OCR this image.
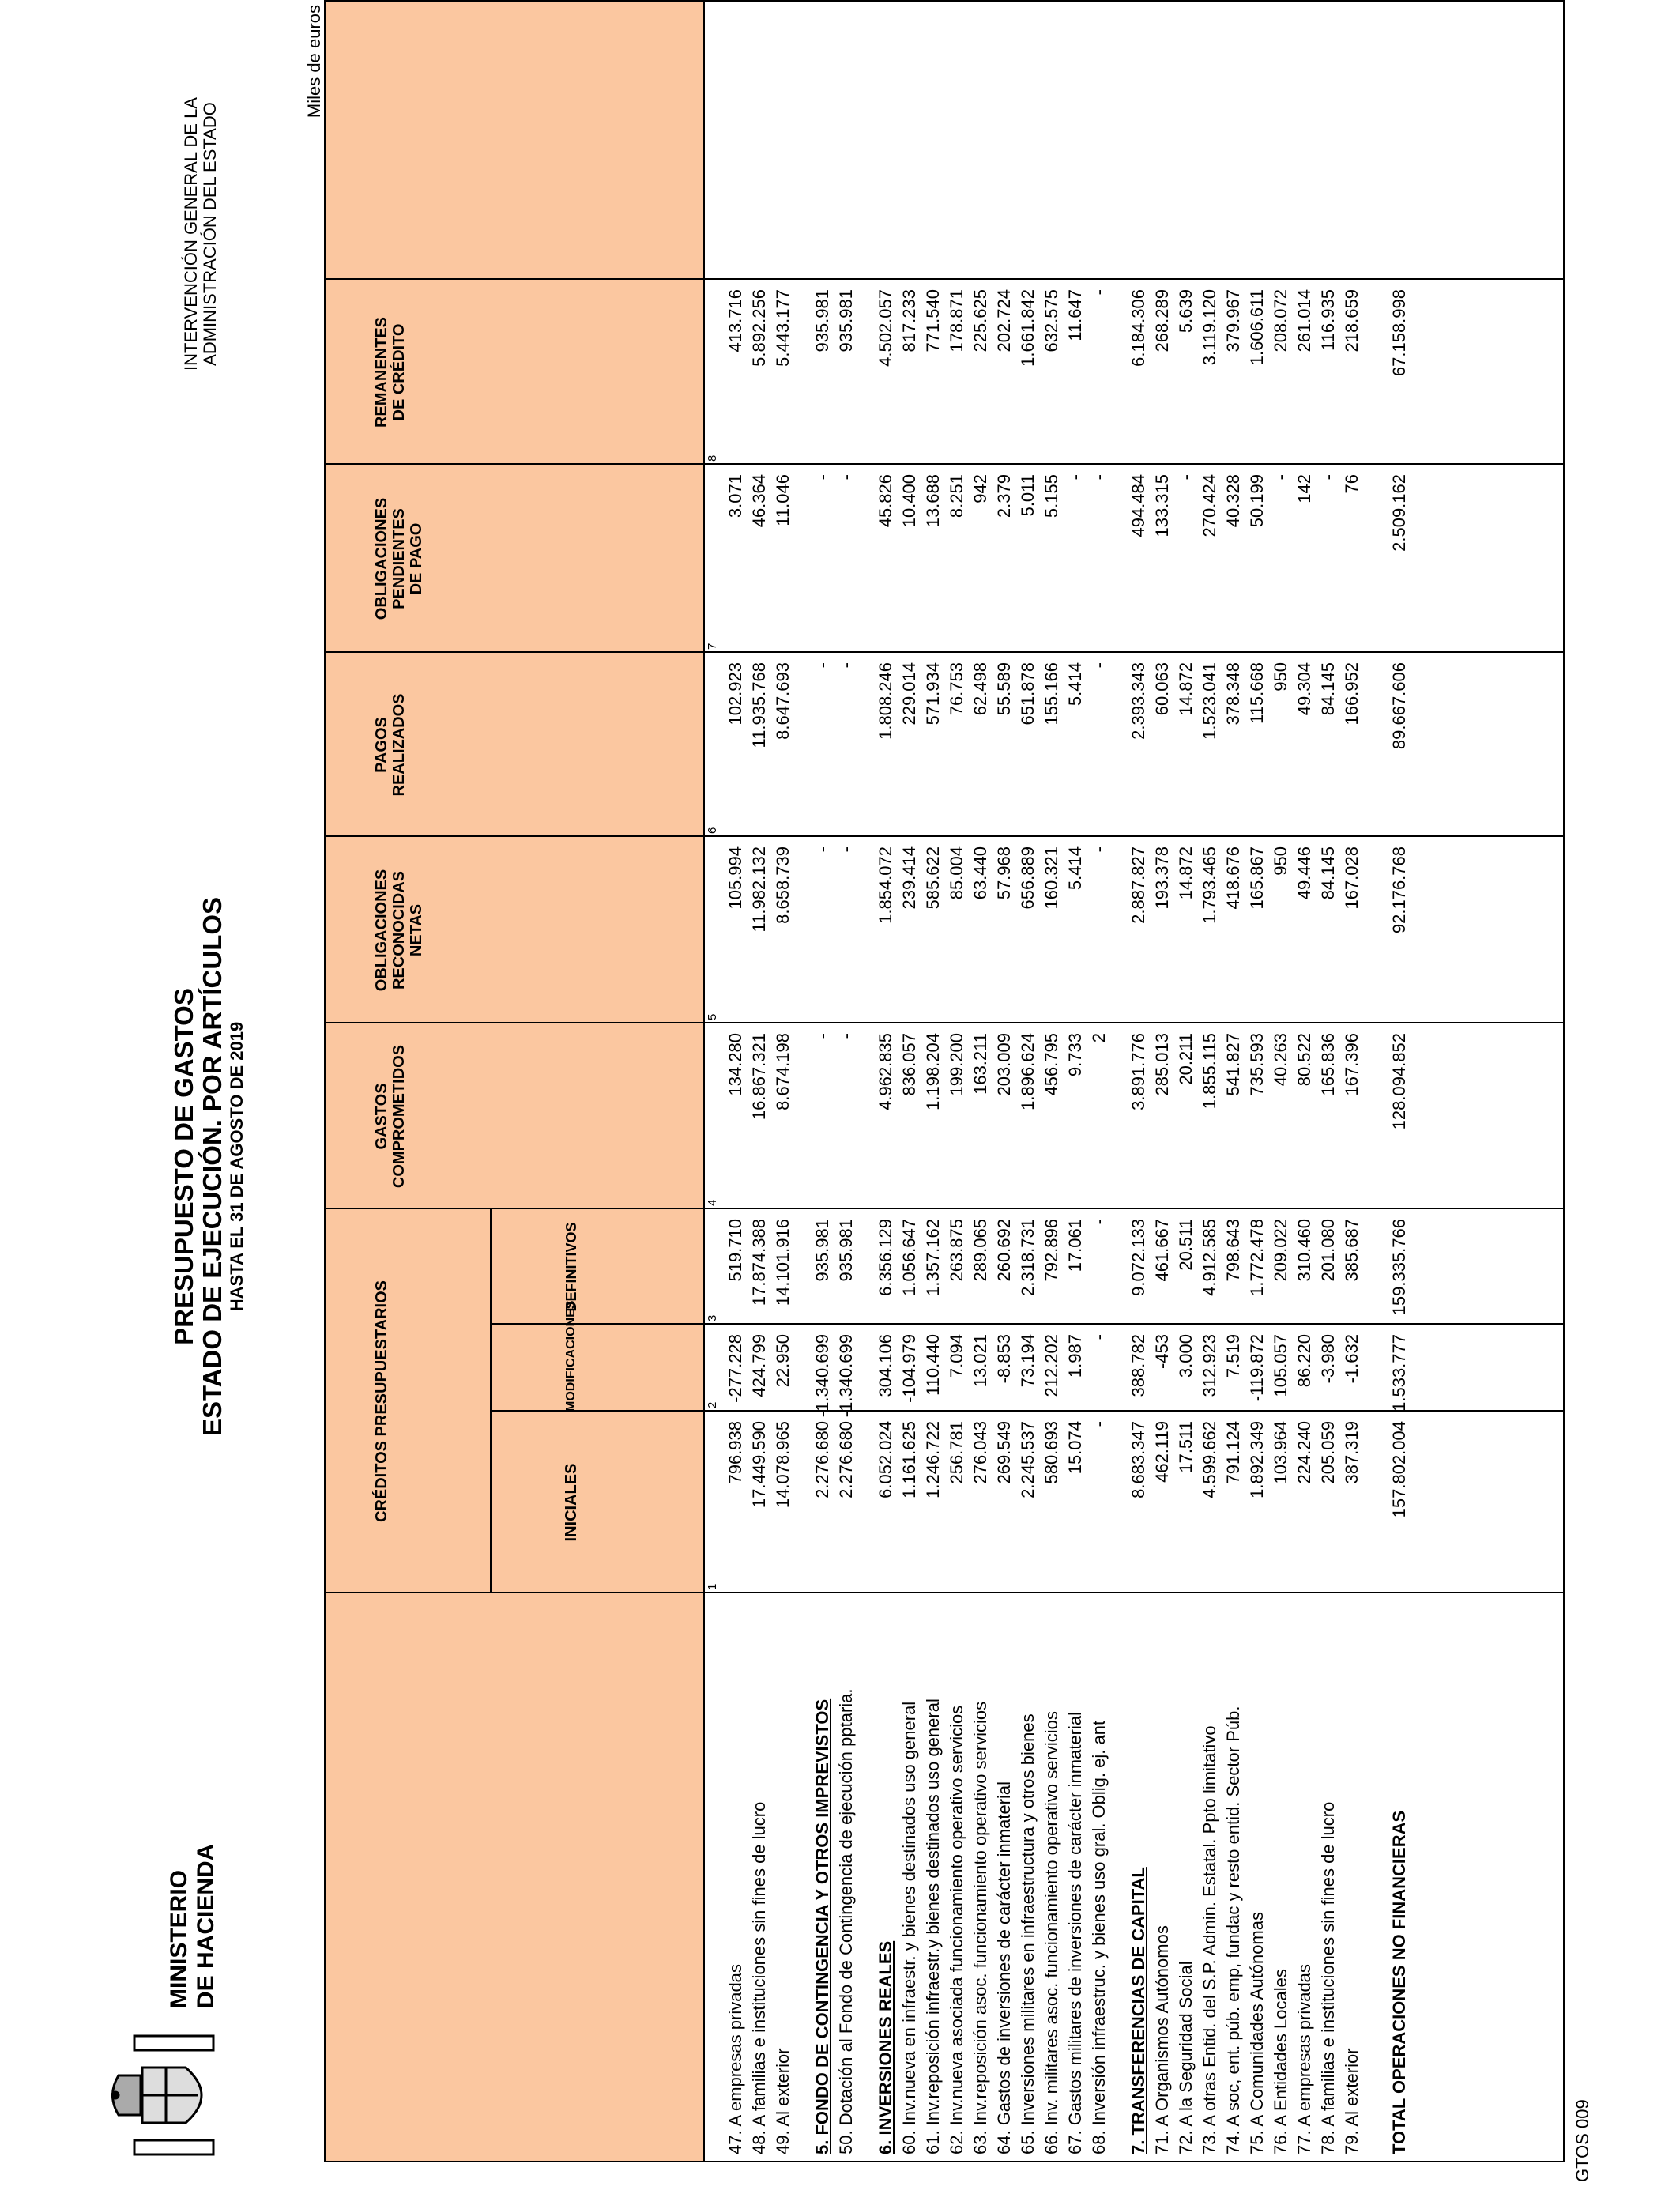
MINISTERIO DE HACIENDA
PRESUPUESTO DE GASTOS ESTADO DE EJECUCIÓN. POR ARTÍCULOS HASTA EL 31 DE AGOSTO DE 2019
INTERVENCIÓN GENERAL DE LA ADMINISTRACIÓN DEL ESTADO
Miles de euros
GTOS 009
CRÉDITOS PRESUPUESTARIOS	INICIALES
MODIFICACIONES
DEFINITIVOS
GASTOS COMPROMETIDOS
OBLIGACIONES RECONOCIDAS NETAS
PAGOS REALIZADOS
OBLIGACIONES PENDIENTES DE PAGO
REMANENTES DE CRÉDITO
1
2
3
4
5
6
7
8
47. A empresas privadas
796.938
-277.228
519.710
134.280
105.994
102.923
3.071
413.716
48. A familias e instituciones sin fines de lucro
17.449.590
424.799
17.874.388
16.867.321
11.982.132
11.935.768
46.364
5.892.256
49. Al exterior
14.078.965
22.950
14.101.916
8.674.198
8.658.739
8.647.693
11.046
5.443.177
5. FONDO DE CONTINGENCIA Y OTROS IMPREVISTOS
2.276.680
-1.340.699
935.981
-
-
-
-
935.981
50. Dotación al Fondo de Contingencia de ejecución pptaria.
2.276.680
-1.340.699
935.981
-
-
-
-
935.981
6. INVERSIONES REALES
6.052.024
304.106
6.356.129
4.962.835
1.854.072
1.808.246
45.826
4.502.057
60. Inv.nueva en infraestr. y bienes destinados uso general
1.161.625
-104.979
1.056.647
836.057
239.414
229.014
10.400
817.233
61. Inv.reposición infraestr.y bienes destinados uso general
1.246.722
110.440
1.357.162
1.198.204
585.622
571.934
13.688
771.540
62. Inv.nueva asociada funcionamiento operativo servicios
256.781
7.094
263.875
199.200
85.004
76.753
8.251
178.871
63. Inv.reposición asoc. funcionamiento operativo servicios
276.043
13.021
289.065
163.211
63.440
62.498
942
225.625
64. Gastos de inversiones de carácter inmaterial
269.549
-8.853
260.692
203.009
57.968
55.589
2.379
202.724
65. Inversiones militares en infraestructura y otros bienes
2.245.537
73.194
2.318.731
1.896.624
656.889
651.878
5.011
1.661.842
66. Inv. militares asoc. funcionamiento operativo servicios
580.693
212.202
792.896
456.795
160.321
155.166
5.155
632.575
67. Gastos militares de inversiones de carácter inmaterial
15.074
1.987
17.061
9.733
5.414
5.414
-
11.647
68. Inversión infraestruc. y bienes uso gral. Oblig. ej. ant
-
-
-
2
-
-
-
-
7. TRANSFERENCIAS DE CAPITAL
8.683.347
388.782
9.072.133
3.891.776
2.887.827
2.393.343
494.484
6.184.306
71. A Organismos Autónomos
462.119
-453
461.667
285.013
193.378
60.063
133.315
268.289
72. A la Seguridad Social
17.511
3.000
20.511
20.211
14.872
14.872
-
5.639
73. A otras Entid. del S.P. Admin. Estatal. Ppto limitativo
4.599.662
312.923
4.912.585
1.855.115
1.793.465
1.523.041
270.424
3.119.120
74. A soc, ent. púb. emp, fundac y resto entid. Sector Púb.
791.124
7.519
798.643
541.827
418.676
378.348
40.328
379.967
75. A Comunidades Autónomas
1.892.349
-119.872
1.772.478
735.593
165.867
115.668
50.199
1.606.611
76. A Entidades Locales
103.964
105.057
209.022
40.263
950
950
-
208.072
77. A empresas privadas
224.240
86.220
310.460
80.522
49.446
49.304
142
261.014
78. A familias e instituciones sin fines de lucro
205.059
-3.980
201.080
165.836
84.145
84.145
-
116.935
79. Al exterior
387.319
-1.632
385.687
167.396
167.028
166.952
76
218.659
TOTAL OPERACIONES NO FINANCIERAS
157.802.004
1.533.777
159.335.766
128.094.852
92.176.768
89.667.606
2.509.162
67.158.998
